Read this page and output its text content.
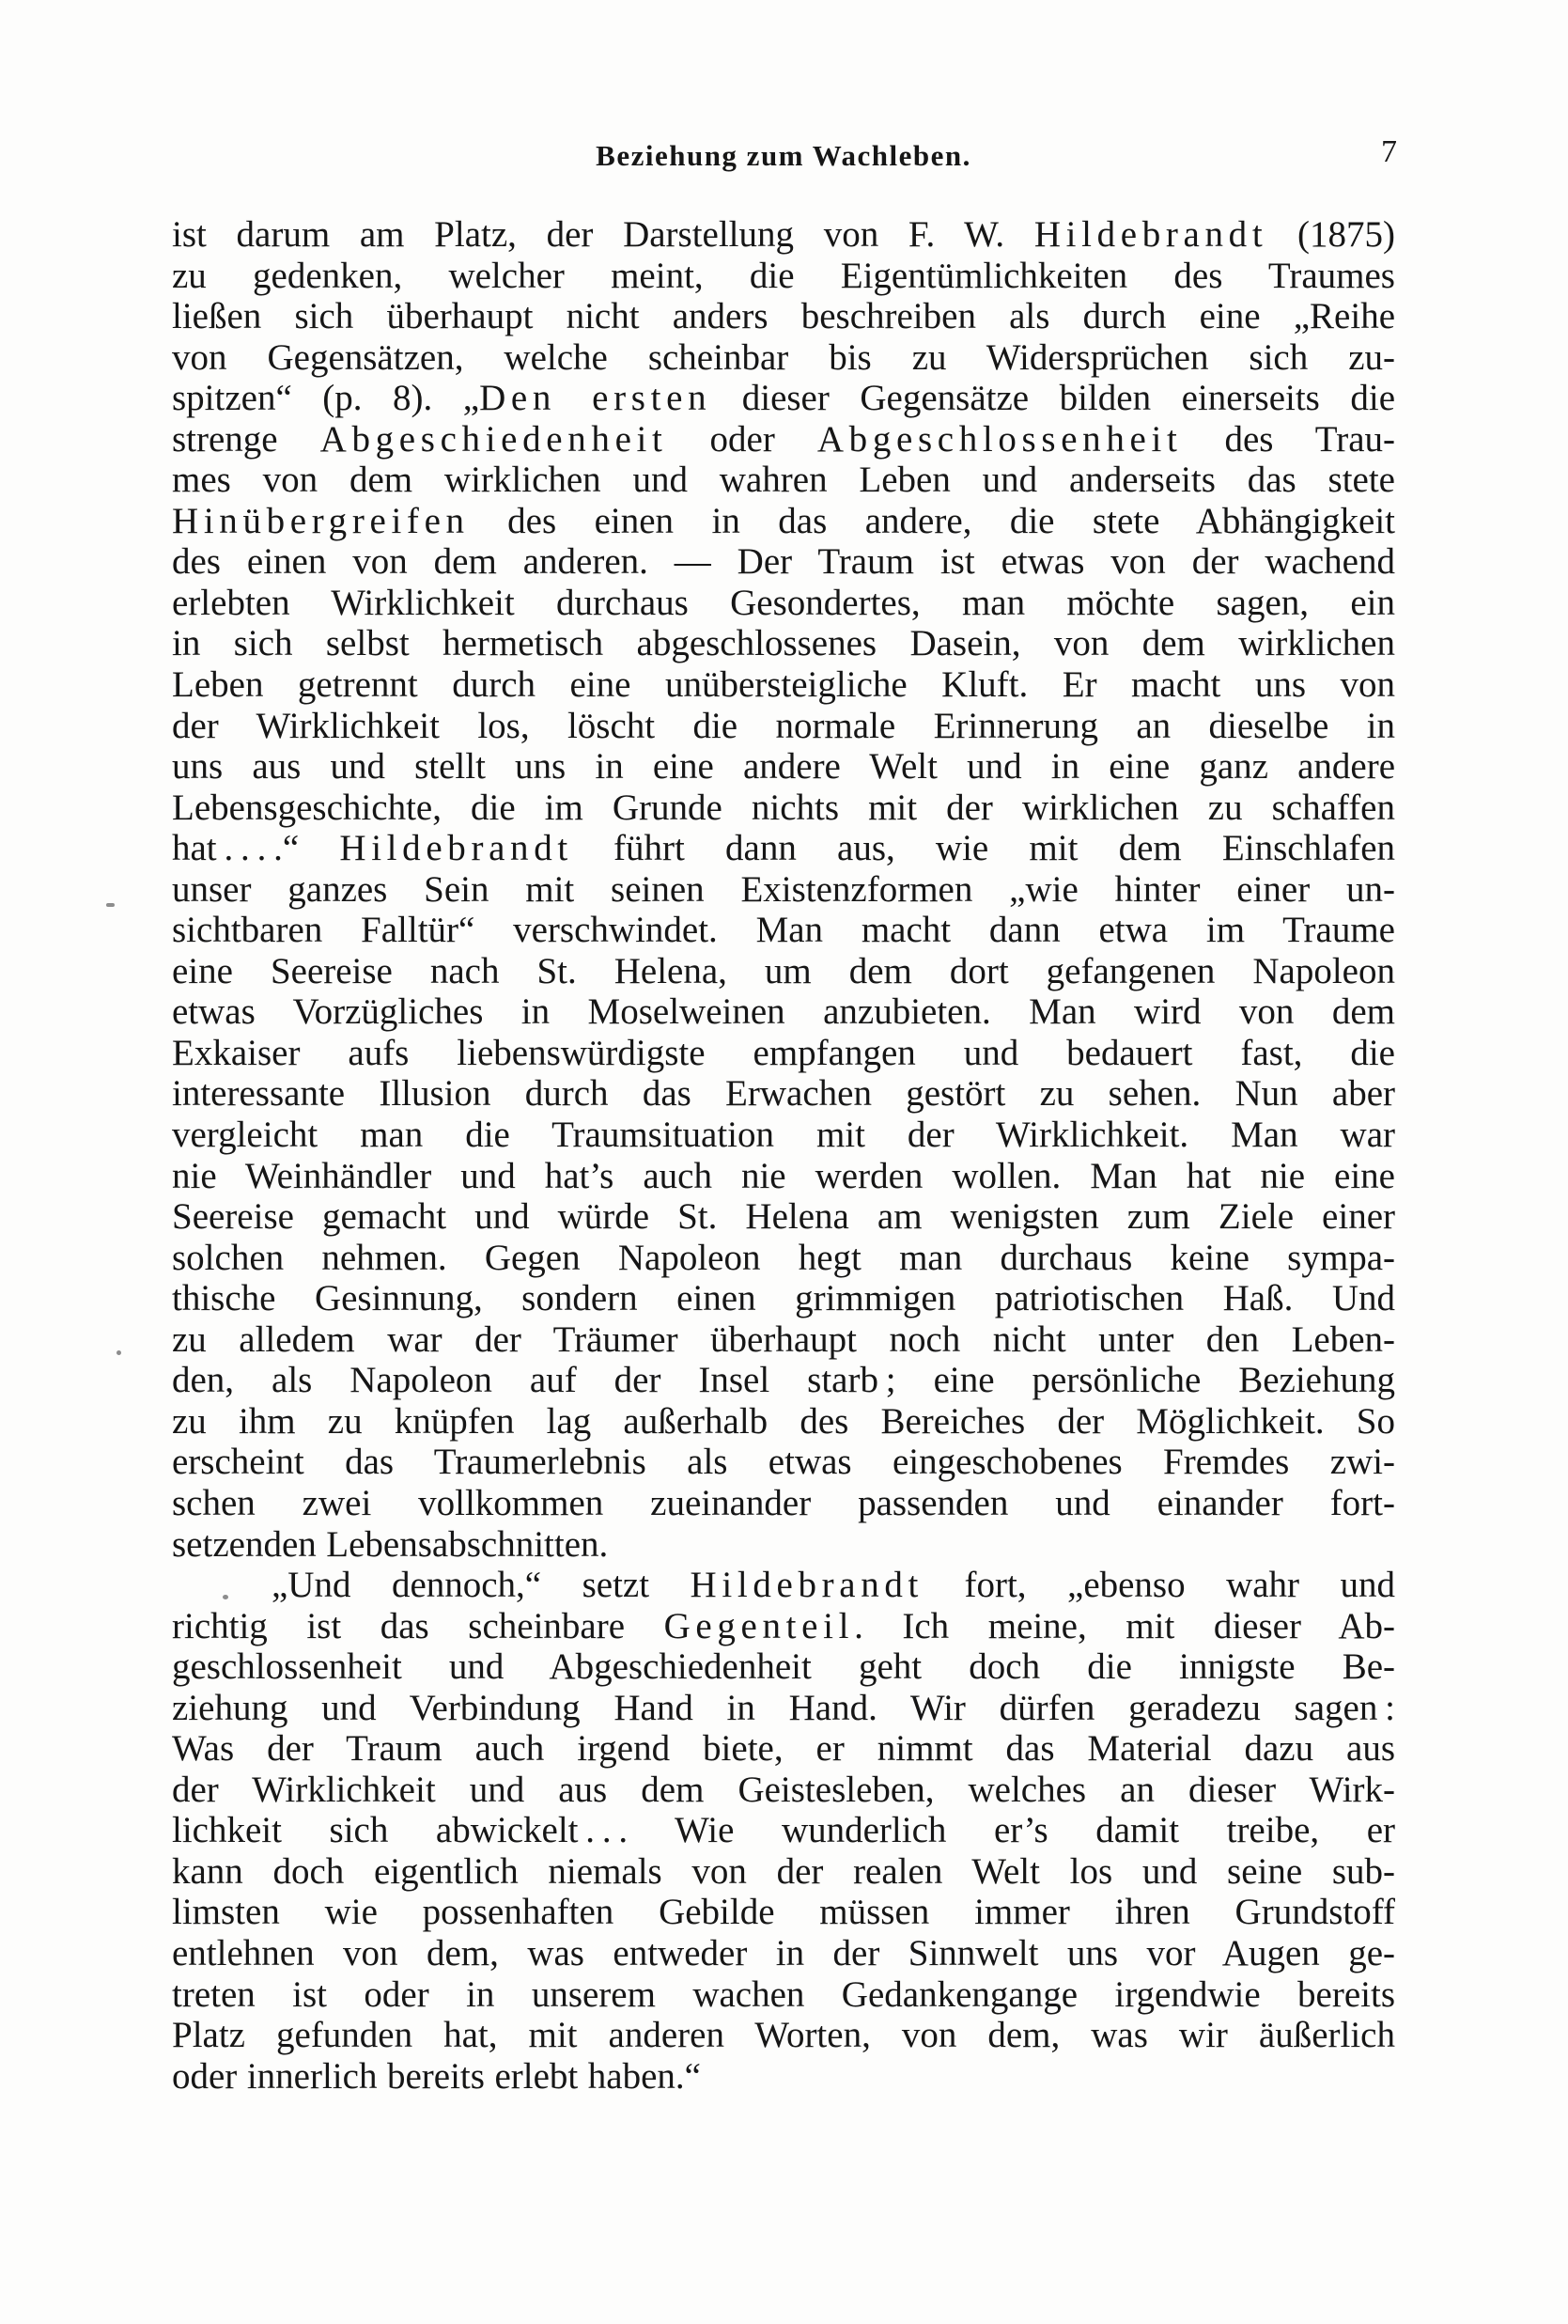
Beziehung zum Wachleben.	7
ist darum am Platz, der Darstellung von F. W. Hildebrandt (1875)
zu gedenken, welcher meint, die Eigentümlichkeiten des Traumes
ließen sich überhaupt nicht anders beschreiben als durch eine „Reihe
von Gegensätzen, welche scheinbar bis zu Widersprüchen sich zu-
spitzen“ (p. 8). „Den ersten dieser Gegensätze bilden einerseits die
strenge Abgeschiedenheit oder Abgeschlossenheit des Trau-
mes von dem wirklichen und wahren Leben und anderseits das stete
Hinübergreifen des einen in das andere, die stete Abhängigkeit
des einen von dem anderen. — Der Traum ist etwas von der wachend
erlebten Wirklichkeit durchaus Gesondertes, man möchte sagen, ein
in sich selbst hermetisch abgeschlossenes Dasein, von dem wirklichen
Leben getrennt durch eine unübersteigliche Kluft. Er macht uns von
der Wirklichkeit los, löscht die normale Erinnerung an dieselbe in
uns aus und stellt uns in eine andere Welt und in eine ganz andere
Lebensgeschichte, die im Grunde nichts mit der wirklichen zu schaffen
hat . . . .“ Hildebrandt führt dann aus, wie mit dem Einschlafen
unser ganzes Sein mit seinen Existenzformen „wie hinter einer un-
sichtbaren Falltür“ verschwindet. Man macht dann etwa im Traume
eine Seereise nach St. Helena, um dem dort gefangenen Napoleon
etwas Vorzügliches in Moselweinen anzubieten. Man wird von dem
Exkaiser aufs liebenswürdigste empfangen und bedauert fast, die
interessante Illusion durch das Erwachen gestört zu sehen. Nun aber
vergleicht man die Traumsituation mit der Wirklichkeit. Man war
nie Weinhändler und hat’s auch nie werden wollen. Man hat nie eine
Seereise gemacht und würde St. Helena am wenigsten zum Ziele einer
solchen nehmen. Gegen Napoleon hegt man durchaus keine sympa-
thische Gesinnung, sondern einen grimmigen patriotischen Haß. Und
zu alledem war der Träumer überhaupt noch nicht unter den Leben-
den, als Napoleon auf der Insel starb ; eine persönliche Beziehung
zu ihm zu knüpfen lag außerhalb des Bereiches der Möglichkeit. So
erscheint das Traumerlebnis als etwas eingeschobenes Fremdes zwi-
schen zwei vollkommen zueinander passenden und einander fort-
setzenden Lebensabschnitten.
„Und dennoch,“ setzt Hildebrandt fort, „ebenso wahr und
richtig ist das scheinbare Gegenteil. Ich meine, mit dieser Ab-
geschlossenheit und Abgeschiedenheit geht doch die innigste Be-
ziehung und Verbindung Hand in Hand. Wir dürfen geradezu sagen :
Was der Traum auch irgend biete, er nimmt das Material dazu aus
der Wirklichkeit und aus dem Geistesleben, welches an dieser Wirk-
lichkeit sich abwickelt . . . Wie wunderlich er’s damit treibe, er
kann doch eigentlich niemals von der realen Welt los und seine sub-
limsten wie possenhaften Gebilde müssen immer ihren Grundstoff
entlehnen von dem, was entweder in der Sinnwelt uns vor Augen ge-
treten ist oder in unserem wachen Gedankengange irgendwie bereits
Platz gefunden hat, mit anderen Worten, von dem, was wir äußerlich
oder innerlich bereits erlebt haben.“
